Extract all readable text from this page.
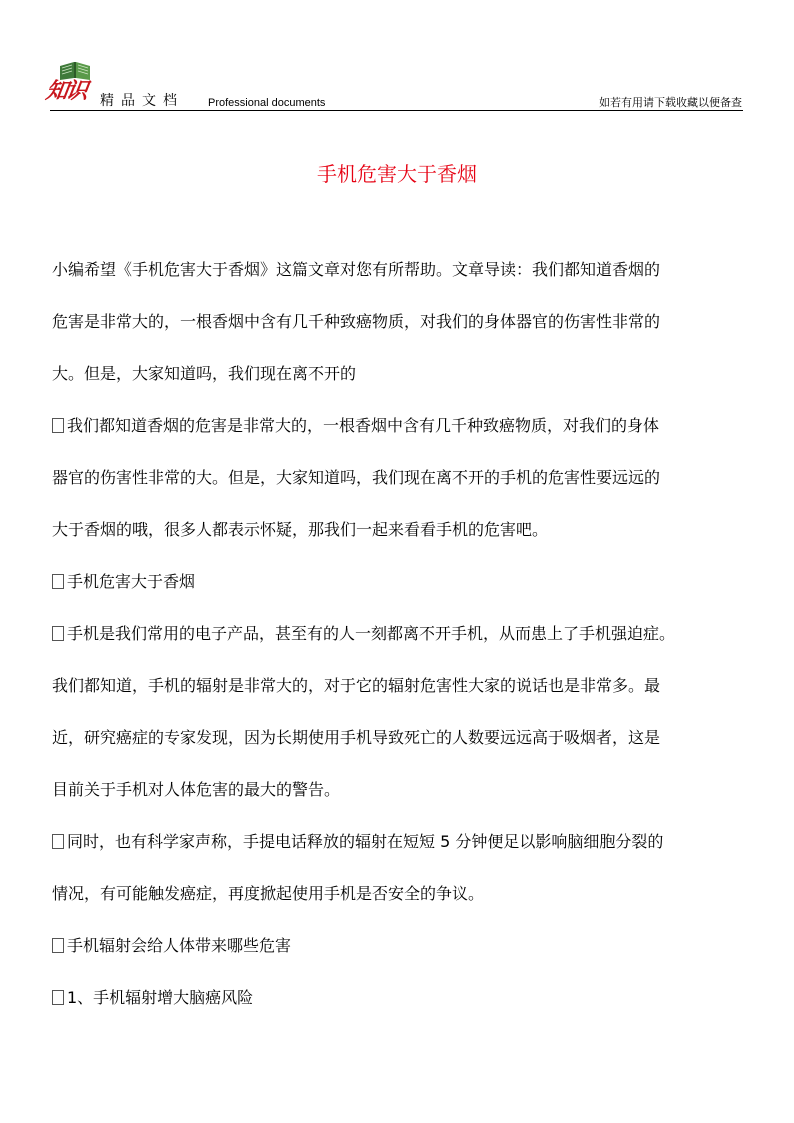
知识 精品文档 Professional documents	如若有用请下载收藏以便备查
手机危害大于香烟
小编希望《手机危害大于香烟》这篇文章对您有所帮助。文章导读：我们都知道香烟的
危害是非常大的，一根香烟中含有几千种致癌物质，对我们的身体器官的伤害性非常的
大。但是，大家知道吗，我们现在离不开的
我们都知道香烟的危害是非常大的，一根香烟中含有几千种致癌物质，对我们的身体
器官的伤害性非常的大。但是，大家知道吗，我们现在离不开的手机的危害性要远远的
大于香烟的哦，很多人都表示怀疑，那我们一起来看看手机的危害吧。
手机危害大于香烟
手机是我们常用的电子产品，甚至有的人一刻都离不开手机，从而患上了手机强迫症。
我们都知道，手机的辐射是非常大的，对于它的辐射危害性大家的说话也是非常多。最
近，研究癌症的专家发现，因为长期使用手机导致死亡的人数要远远高于吸烟者，这是
目前关于手机对人体危害的最大的警告。
同时，也有科学家声称，手提电话释放的辐射在短短 5 分钟便足以影响脑细胞分裂的
情况，有可能触发癌症，再度掀起使用手机是否安全的争议。
手机辐射会给人体带来哪些危害
1、手机辐射增大脑癌风险
